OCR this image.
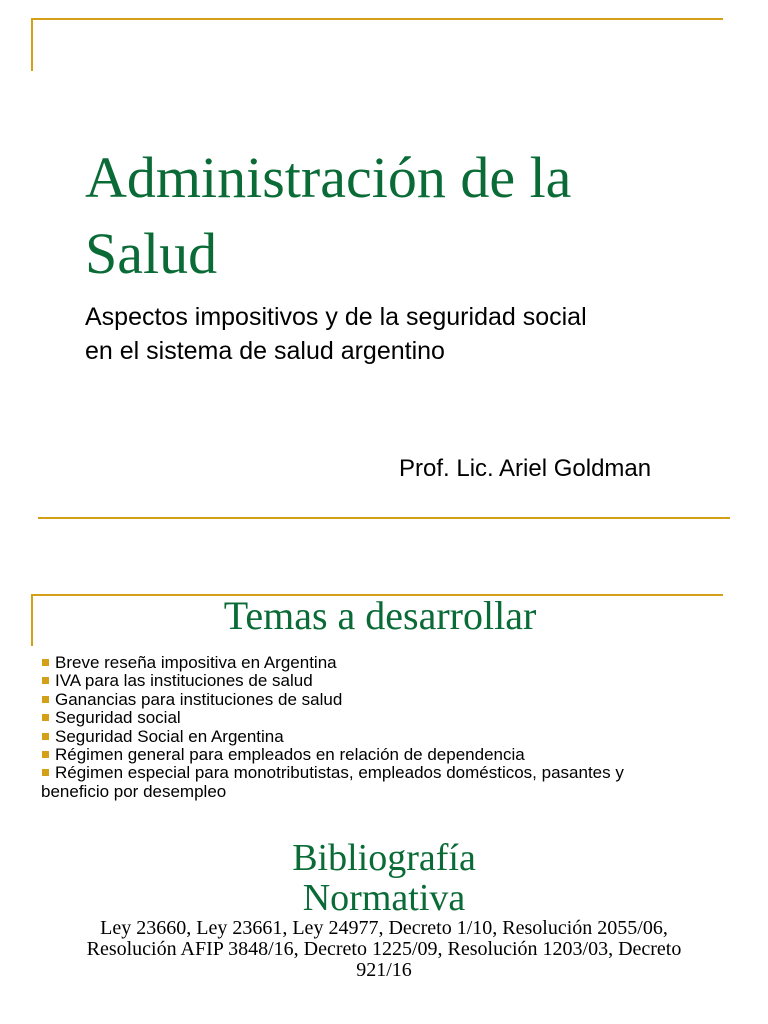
Administración de la
Salud
Aspectos impositivos y de la seguridad social
en el sistema de salud argentino
Prof. Lic. Ariel Goldman
Temas a desarrollar
Breve reseña impositiva en Argentina
IVA para las instituciones de salud
Ganancias para instituciones de salud
Seguridad social
Seguridad Social en Argentina
Régimen general para empleados en relación de dependencia
Régimen especial para monotributistas, empleados domésticos, pasantes y
beneficio por desempleo
Bibliografía
Normativa
Ley 23660, Ley 23661, Ley 24977, Decreto 1/10, Resolución 2055/06,
Resolución AFIP 3848/16, Decreto 1225/09, Resolución 1203/03, Decreto
921/16
